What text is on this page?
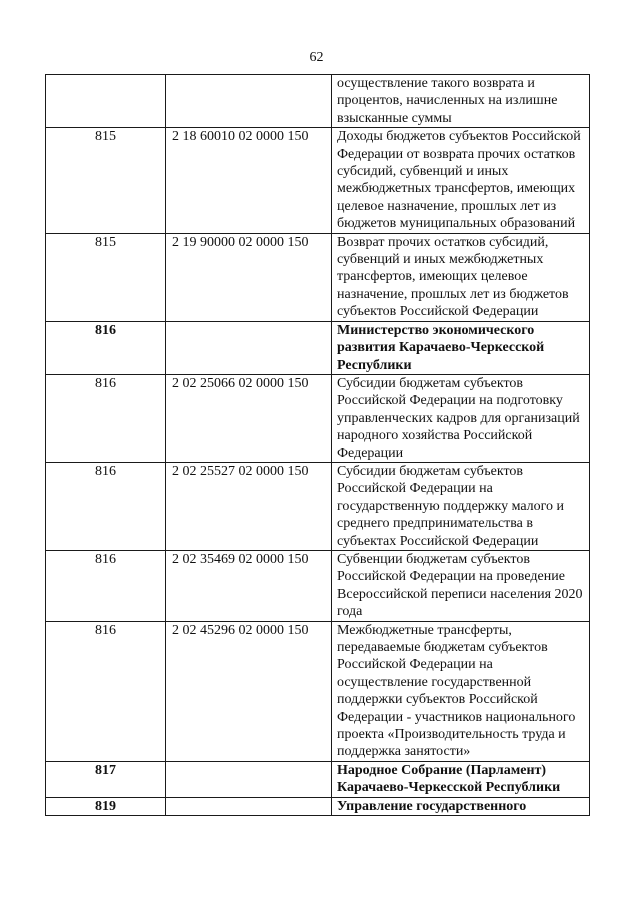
62
		осуществление такого возврата и процентов, начисленных на излишне взысканные суммы
815	2 18 60010 02 0000 150	Доходы бюджетов субъектов Российской Федерации от возврата прочих остатков субсидий, субвенций и иных межбюджетных трансфертов, имеющих целевое назначение, прошлых лет из бюджетов муниципальных образований
815	2 19 90000 02 0000 150	Возврат прочих остатков субсидий, субвенций и иных межбюджетных трансфертов, имеющих целевое назначение, прошлых лет из бюджетов субъектов Российской Федерации
816		Министерство экономического развития Карачаево-Черкесской Республики
816	2 02 25066 02 0000 150	Субсидии бюджетам субъектов Российской Федерации на подготовку управленческих кадров для организаций народного хозяйства Российской Федерации
816	2 02 25527 02 0000 150	Субсидии бюджетам субъектов Российской Федерации на государственную поддержку малого и среднего предпринимательства в субъектах Российской Федерации
816	2 02 35469 02 0000 150	Субвенции бюджетам субъектов Российской Федерации на проведение Всероссийской переписи населения 2020 года
816	2 02 45296 02 0000 150	Межбюджетные трансферты, передаваемые бюджетам субъектов Российской Федерации на осуществление государственной поддержки субъектов Российской Федерации - участников национального проекта «Производительность труда и поддержка занятости»
817		Народное Собрание (Парламент) Карачаево-Черкесской Республики
819		Управление государственного
